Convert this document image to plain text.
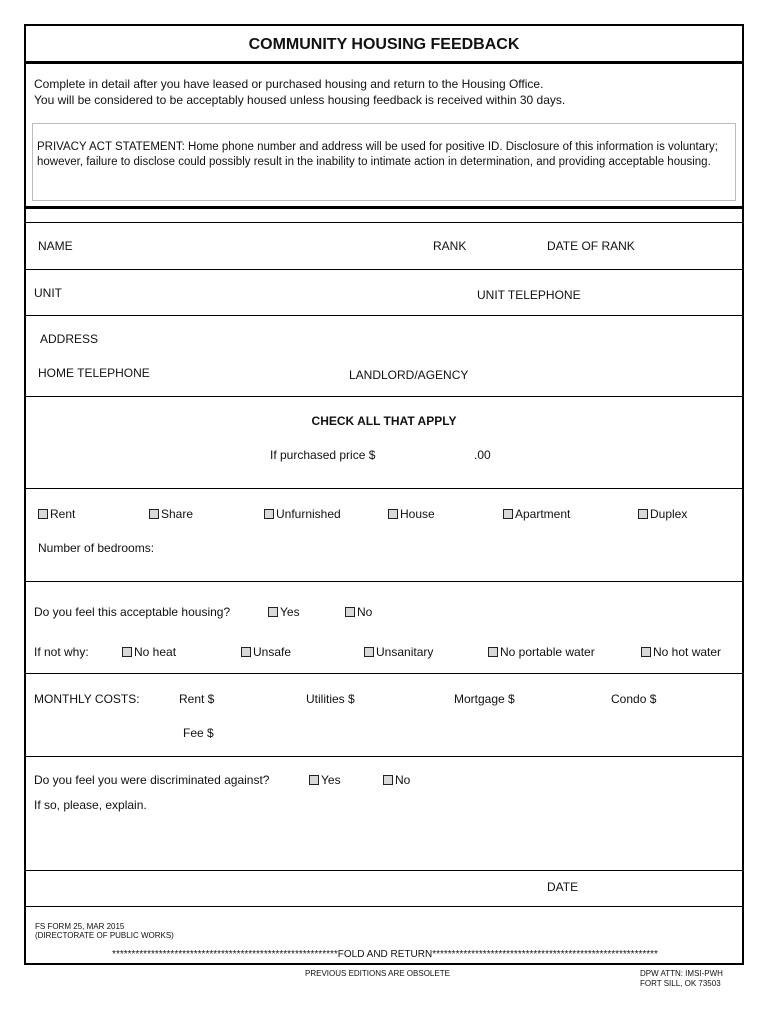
COMMUNITY HOUSING FEEDBACK
Complete in detail after you have leased or purchased housing and return to the Housing Office.
You will be considered to be acceptably housed unless housing feedback is received within 30 days.
PRIVACY ACT STATEMENT: Home phone number and address will be used for positive ID. Disclosure of this information is voluntary; however, failure to disclose could possibly result in the inability to intimate action in determination, and providing acceptable housing.
NAME	RANK	DATE OF RANK
UNIT	UNIT TELEPHONE
ADDRESS
HOME TELEPHONE	LANDLORD/AGENCY
CHECK ALL THAT APPLY
If purchased price $	.00
Rent	Share	Unfurnished	House	Apartment	Duplex
Number of bedrooms:
Do you feel this acceptable housing?	Yes	No
If not why:	No heat	Unsafe	Unsanitary	No portable water	No hot water
MONTHLY COSTS:	Rent $	Utilities $	Mortgage $	Condo $
Fee $
Do you feel you were discriminated against?	Yes	No
If so, please, explain.
DATE
FS FORM 25, MAR 2015
(DIRECTORATE OF PUBLIC WORKS)
**********************************************************FOLD AND RETURN**********************************************************
PREVIOUS EDITIONS ARE OBSOLETE	DPW ATTN: IMSI-PWH
FORT SILL, OK 73503
